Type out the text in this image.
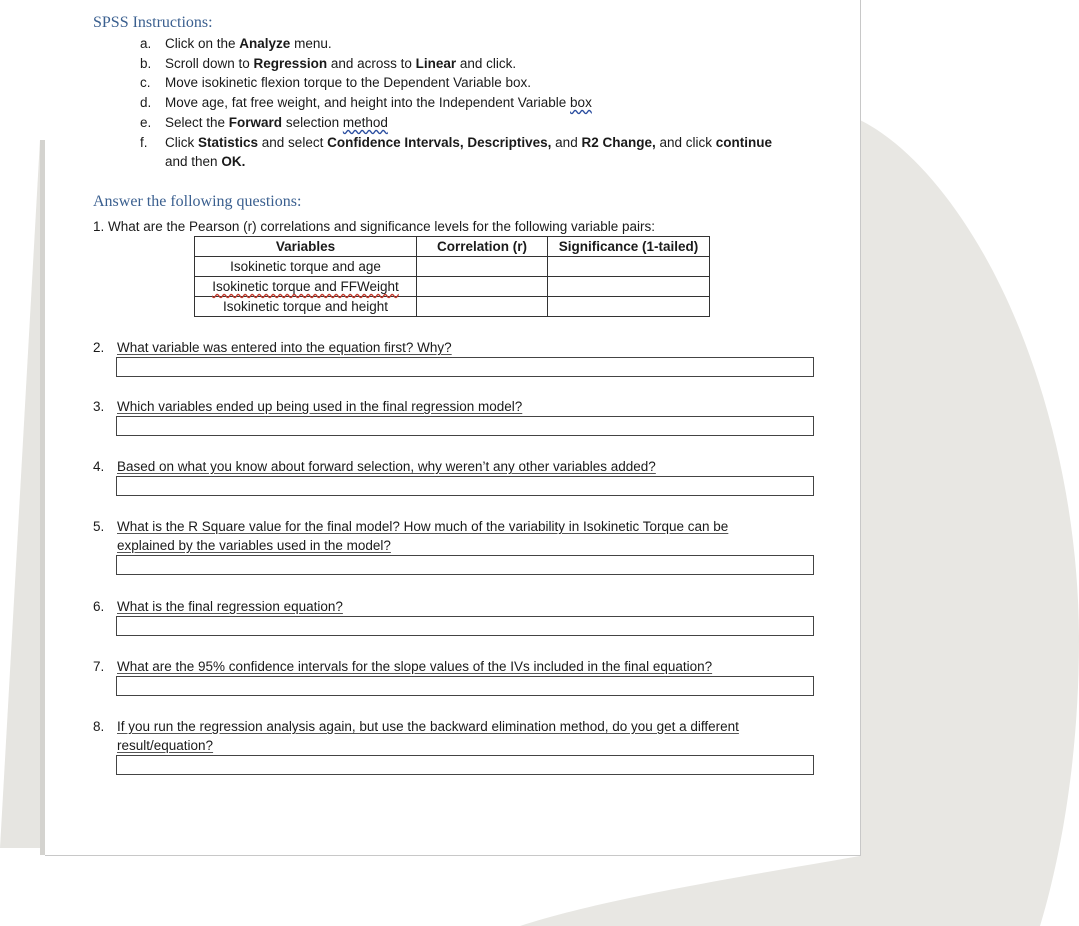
SPSS Instructions:
a. Click on the Analyze menu.
b. Scroll down to Regression and across to Linear and click.
c. Move isokinetic flexion torque to the Dependent Variable box.
d. Move age, fat free weight, and height into the Independent Variable box
e. Select the Forward selection method
f. Click Statistics and select Confidence Intervals, Descriptives, and R2 Change, and click continue
and then OK.
Answer the following questions:
1. What are the Pearson (r) correlations and significance levels for the following variable pairs:
Variables	Correlation (r)	Significance (1-tailed)
Isokinetic torque and age		
Isokinetic torque and FFWeight		
Isokinetic torque and height		
2. What variable was entered into the equation first? Why?
3. Which variables ended up being used in the final regression model?
4. Based on what you know about forward selection, why weren’t any other variables added?
5. What is the R Square value for the final model? How much of the variability in Isokinetic Torque can be
explained by the variables used in the model?
6. What is the final regression equation?
7. What are the 95% confidence intervals for the slope values of the IVs included in the final equation?
8. If you run the regression analysis again, but use the backward elimination method, do you get a different
result/equation?
